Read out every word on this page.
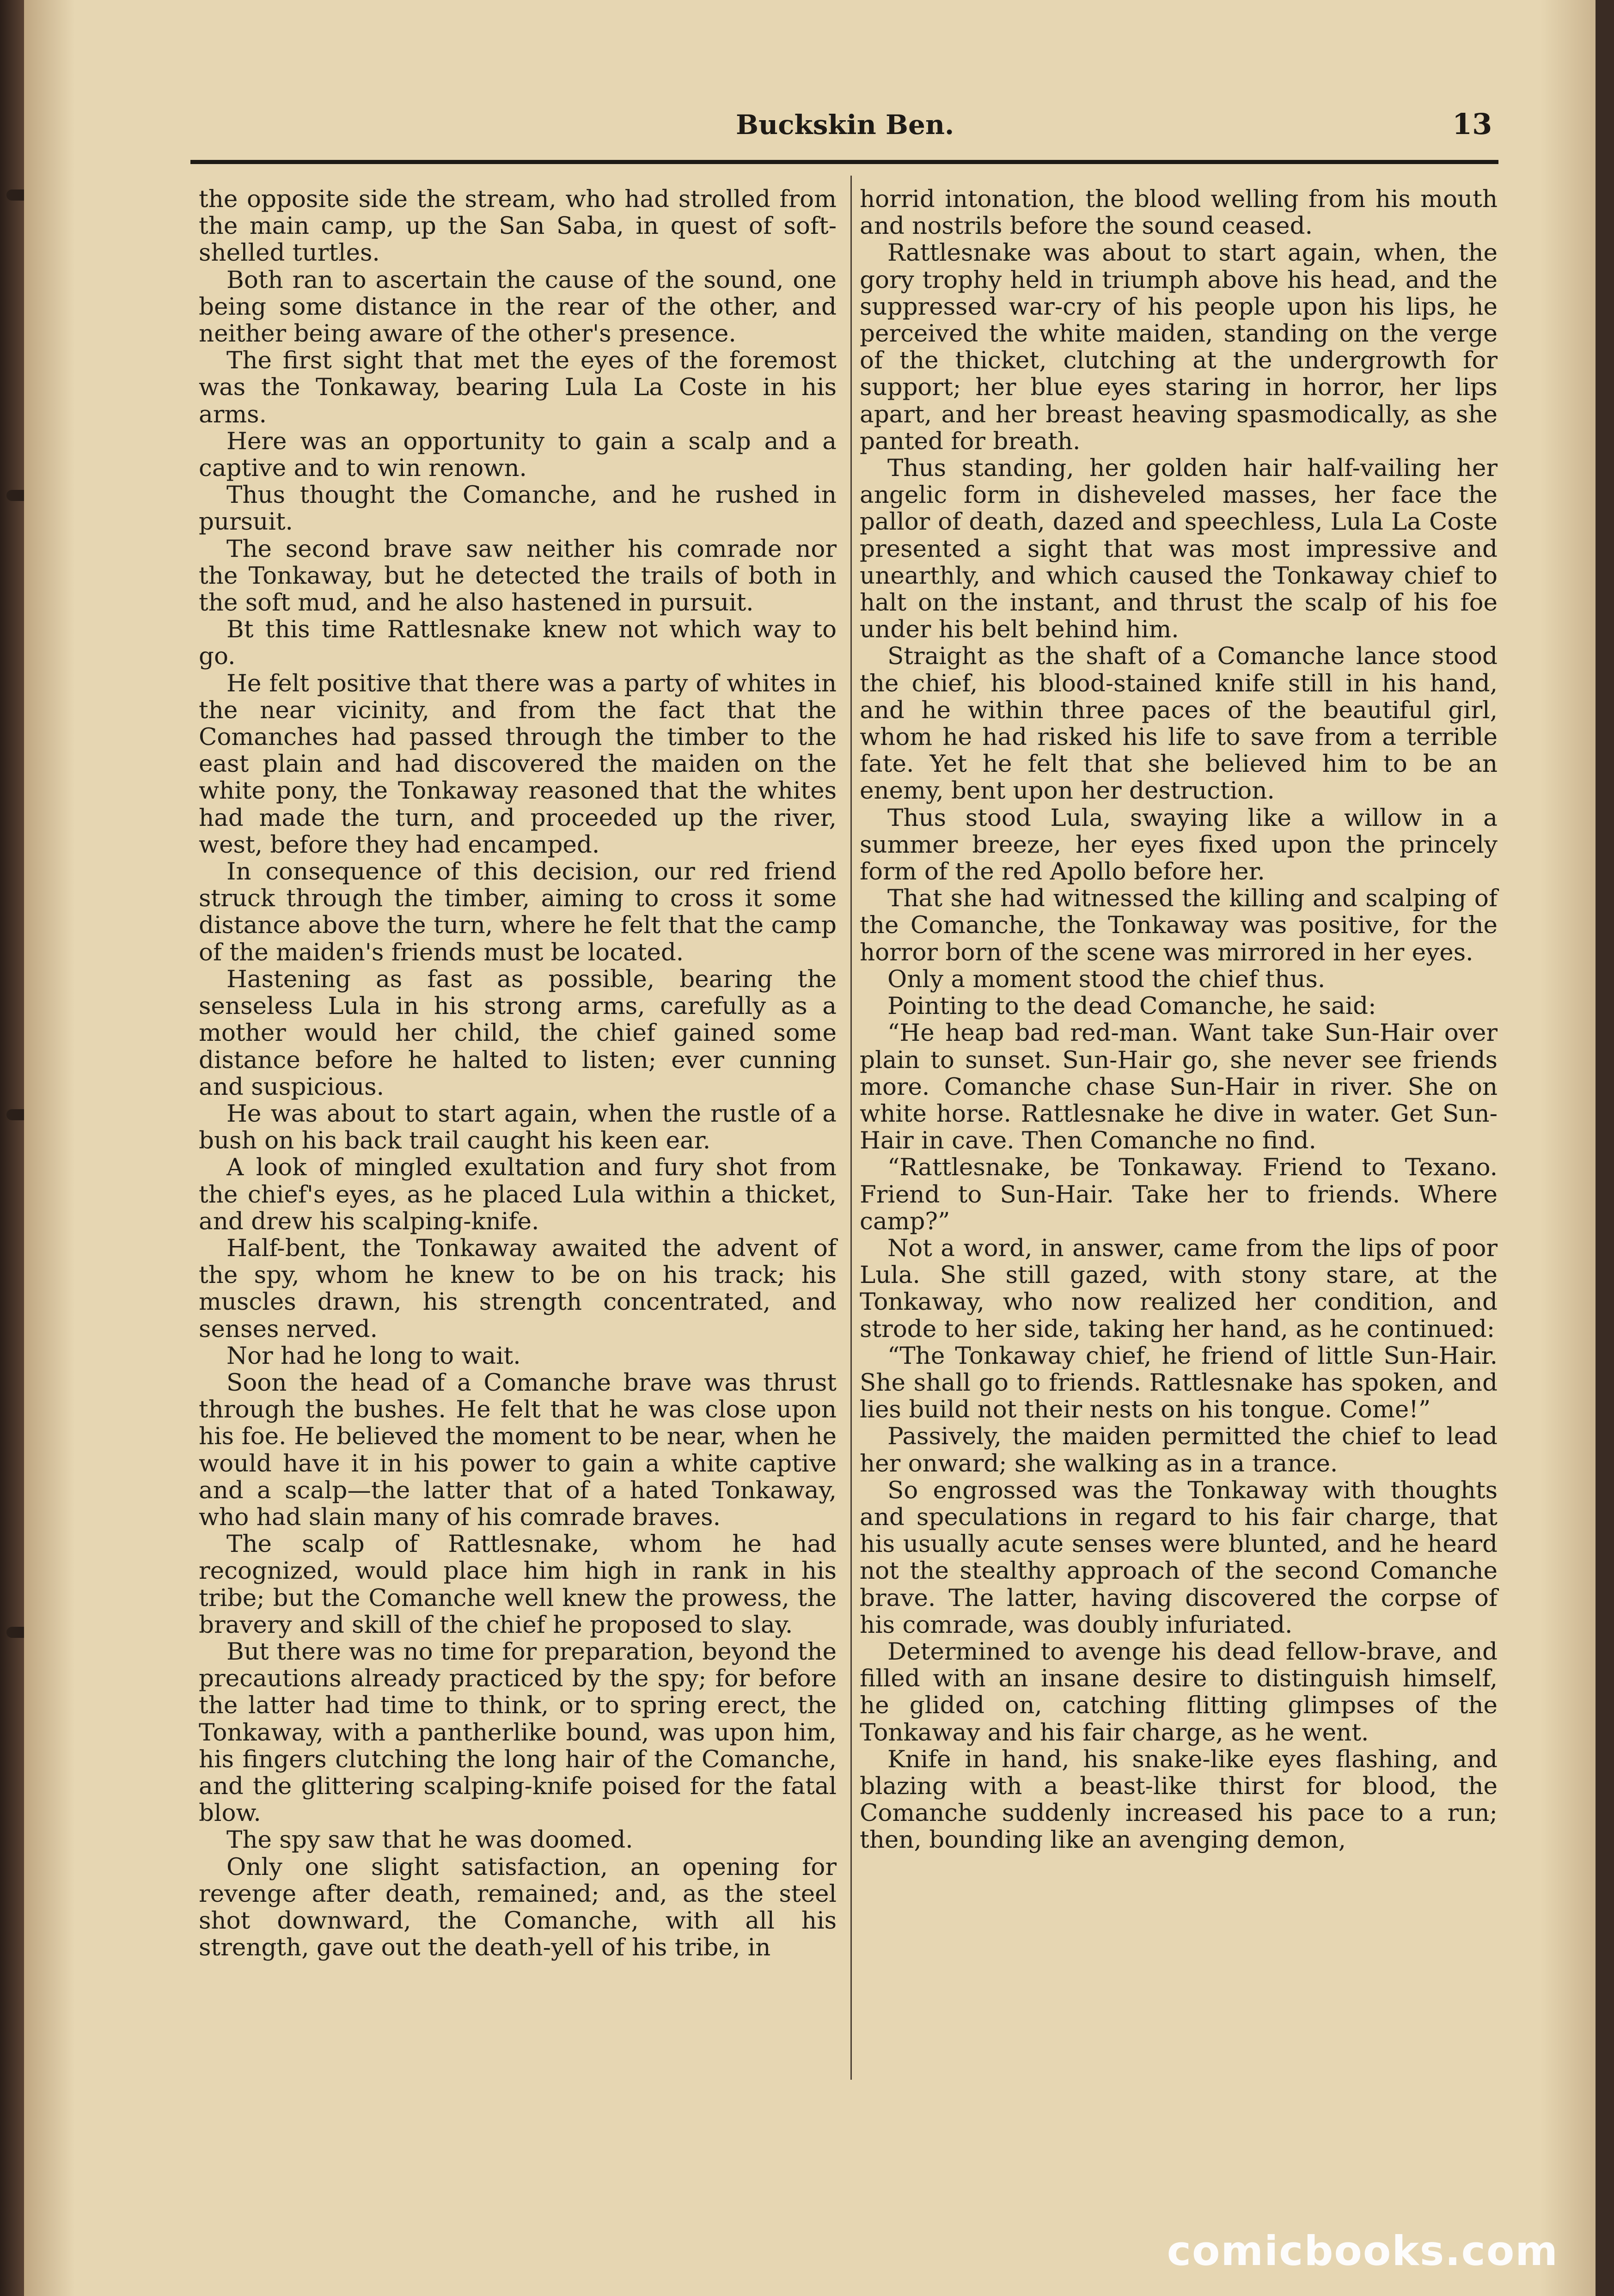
Buckskin Ben.	13

the opposite side the stream, who had strolled from the main camp, up the San Saba, in quest of soft-shelled turtles.

Both ran to ascertain the cause of the sound, one being some distance in the rear of the other, and neither being aware of the other's presence.

The first sight that met the eyes of the foremost was the Tonkaway, bearing Lula La Coste in his arms.

Here was an opportunity to gain a scalp and a captive and to win renown.

Thus thought the Comanche, and he rushed in pursuit.

The second brave saw neither his comrade nor the Tonkaway, but he detected the trails of both in the soft mud, and he also hastened in pursuit.

Bt this time Rattlesnake knew not which way to go.

He felt positive that there was a party of whites in the near vicinity, and from the fact that the Comanches had passed through the timber to the east plain and had discovered the maiden on the white pony, the Tonkaway reasoned that the whites had made the turn, and proceeded up the river, west, before they had encamped.

In consequence of this decision, our red friend struck through the timber, aiming to cross it some distance above the turn, where he felt that the camp of the maiden's friends must be located.

Hastening as fast as possible, bearing the senseless Lula in his strong arms, carefully as a mother would her child, the chief gained some distance before he halted to listen; ever cunning and suspicious.

He was about to start again, when the rustle of a bush on his back trail caught his keen ear.

A look of mingled exultation and fury shot from the chief's eyes, as he placed Lula within a thicket, and drew his scalping-knife.

Half-bent, the Tonkaway awaited the advent of the spy, whom he knew to be on his track; his muscles drawn, his strength concentrated, and senses nerved.

Nor had he long to wait.

Soon the head of a Comanche brave was thrust through the bushes. He felt that he was close upon his foe. He believed the moment to be near, when he would have it in his power to gain a white captive and a scalp—the latter that of a hated Tonkaway, who had slain many of his comrade braves.

The scalp of Rattlesnake, whom he had recognized, would place him high in rank in his tribe; but the Comanche well knew the prowess, the bravery and skill of the chief he proposed to slay.

But there was no time for preparation, beyond the precautions already practiced by the spy; for before the latter had time to think, or to spring erect, the Tonkaway, with a pantherlike bound, was upon him, his fingers clutching the long hair of the Comanche, and the glittering scalping-knife poised for the fatal blow.

The spy saw that he was doomed.

Only one slight satisfaction, an opening for revenge after death, remained; and, as the steel shot downward, the Comanche, with all his strength, gave out the death-yell of his tribe, in

horrid intonation, the blood welling from his mouth and nostrils before the sound ceased.

Rattlesnake was about to start again, when, the gory trophy held in triumph above his head, and the suppressed war-cry of his people upon his lips, he perceived the white maiden, standing on the verge of the thicket, clutching at the undergrowth for support; her blue eyes staring in horror, her lips apart, and her breast heaving spasmodically, as she panted for breath.

Thus standing, her golden hair half-vailing her angelic form in disheveled masses, her face the pallor of death, dazed and speechless, Lula La Coste presented a sight that was most impressive and unearthly, and which caused the Tonkaway chief to halt on the instant, and thrust the scalp of his foe under his belt behind him.

Straight as the shaft of a Comanche lance stood the chief, his blood-stained knife still in his hand, and he within three paces of the beautiful girl, whom he had risked his life to save from a terrible fate. Yet he felt that she believed him to be an enemy, bent upon her destruction.

Thus stood Lula, swaying like a willow in a summer breeze, her eyes fixed upon the princely form of the red Apollo before her.

That she had witnessed the killing and scalping of the Comanche, the Tonkaway was positive, for the horror born of the scene was mirrored in her eyes.

Only a moment stood the chief thus.

Pointing to the dead Comanche, he said:

“He heap bad red-man. Want take Sun-Hair over plain to sunset. Sun-Hair go, she never see friends more. Comanche chase Sun-Hair in river. She on white horse. Rattlesnake he dive in water. Get Sun-Hair in cave. Then Comanche no find.

“Rattlesnake, be Tonkaway. Friend to Texano. Friend to Sun-Hair. Take her to friends. Where camp?”

Not a word, in answer, came from the lips of poor Lula. She still gazed, with stony stare, at the Tonkaway, who now realized her condition, and strode to her side, taking her hand, as he continued:

“The Tonkaway chief, he friend of little Sun-Hair. She shall go to friends. Rattlesnake has spoken, and lies build not their nests on his tongue. Come!”

Passively, the maiden permitted the chief to lead her onward; she walking as in a trance.

So engrossed was the Tonkaway with thoughts and speculations in regard to his fair charge, that his usually acute senses were blunted, and he heard not the stealthy approach of the second Comanche brave. The latter, having discovered the corpse of his comrade, was doubly infuriated.

Determined to avenge his dead fellow-brave, and filled with an insane desire to distinguish himself, he glided on, catching flitting glimpses of the Tonkaway and his fair charge, as he went.

Knife in hand, his snake-like eyes flashing, and blazing with a beast-like thirst for blood, the Comanche suddenly increased his pace to a run; then, bounding like an avenging demon,

comicbooks.com
